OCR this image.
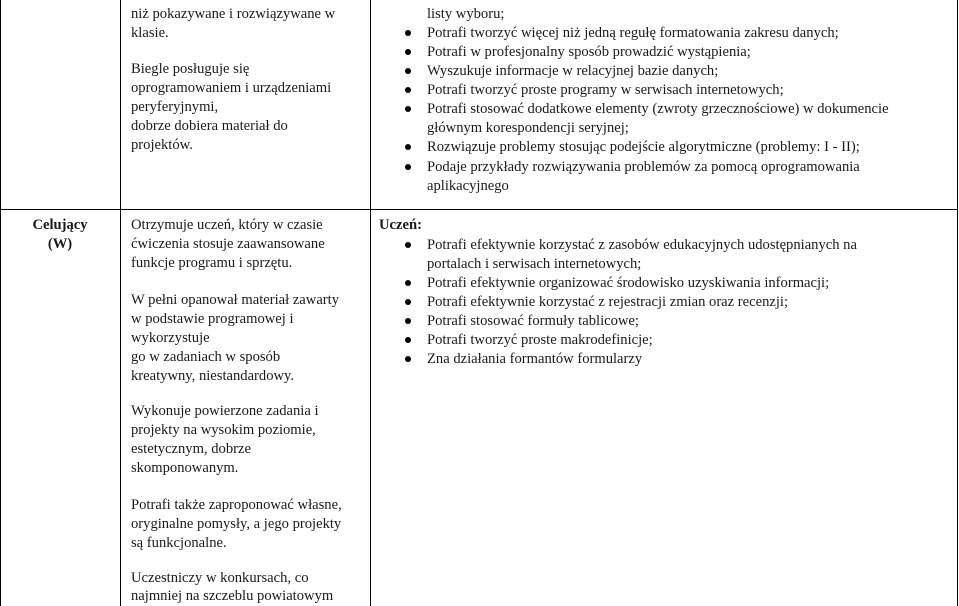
niż pokazywane i rozwiązywane w
klasie.
Biegle posługuje się
oprogramowaniem i urządzeniami
peryferyjnymi,
dobrze dobiera materiał do
projektów.
listy wyboru;
Potrafi tworzyć więcej niż jedną regułę formatowania zakresu danych;
Potrafi w profesjonalny sposób prowadzić wystąpienia;
Wyszukuje informacje w relacyjnej bazie danych;
Potrafi tworzyć proste programy w serwisach internetowych;
Potrafi stosować dodatkowe elementy (zwroty grzecznościowe) w dokumencie
głównym korespondencji seryjnej;
Rozwiązuje problemy stosując podejście algorytmiczne (problemy: I - II);
Podaje przykłady rozwiązywania problemów za pomocą oprogramowania
aplikacyjnego
Celujący
(W)
Otrzymuje uczeń, który w czasie
ćwiczenia stosuje zaawansowane
funkcje programu i sprzętu.
W pełni opanował materiał zawarty
w podstawie programowej i
wykorzystuje
go w zadaniach w sposób
kreatywny, niestandardowy.
Wykonuje powierzone zadania i
projekty na wysokim poziomie,
estetycznym, dobrze
skomponowanym.
Potrafi także zaproponować własne,
oryginalne pomysły, a jego projekty
są funkcjonalne.
Uczestniczy w konkursach, co
najmniej na szczeblu powiatowym
Uczeń:
Potrafi efektywnie korzystać z zasobów edukacyjnych udostępnianych na
portalach i serwisach internetowych;
Potrafi efektywnie organizować środowisko uzyskiwania informacji;
Potrafi efektywnie korzystać z rejestracji zmian oraz recenzji;
Potrafi stosować formuły tablicowe;
Potrafi tworzyć proste makrodefinicje;
Zna działania formantów formularzy
